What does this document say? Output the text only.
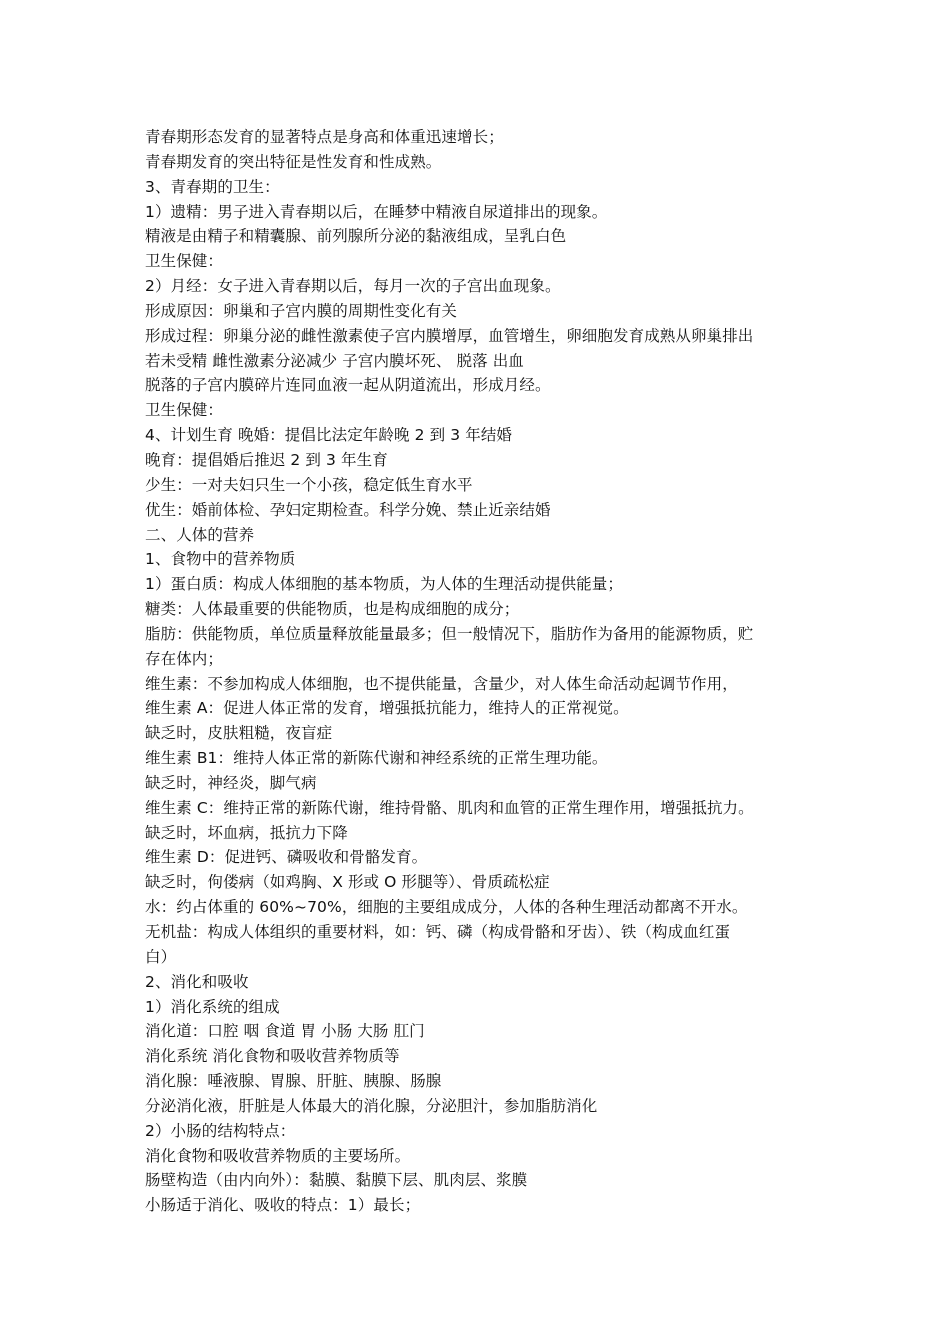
青春期形态发育的显著特点是身高和体重迅速增长；
青春期发育的突出特征是性发育和性成熟。
3、青春期的卫生：
1）遗精：男子进入青春期以后，在睡梦中精液自尿道排出的现象。
精液是由精子和精囊腺、前列腺所分泌的黏液组成，呈乳白色
卫生保健：
2）月经：女子进入青春期以后，每月一次的子宫出血现象。
形成原因：卵巢和子宫内膜的周期性变化有关
形成过程：卵巢分泌的雌性激素使子宫内膜增厚，血管增生，卵细胞发育成熟从卵巢排出
若未受精 雌性激素分泌减少 子宫内膜坏死、 脱落 出血
脱落的子宫内膜碎片连同血液一起从阴道流出，形成月经。
卫生保健：
4、计划生育 晚婚：提倡比法定年龄晚 2 到 3 年结婚
晚育：提倡婚后推迟 2 到 3 年生育
少生：一对夫妇只生一个小孩，稳定低生育水平
优生：婚前体检、孕妇定期检查。科学分娩、禁止近亲结婚
二、人体的营养
1、食物中的营养物质
1）蛋白质：构成人体细胞的基本物质，为人体的生理活动提供能量；
糖类：人体最重要的供能物质，也是构成细胞的成分；
脂肪：供能物质，单位质量释放能量最多；但一般情况下，脂肪作为备用的能源物质，贮
存在体内；
维生素：不参加构成人体细胞，也不提供能量，含量少，对人体生命活动起调节作用，
维生素 A：促进人体正常的发育，增强抵抗能力，维持人的正常视觉。
缺乏时，皮肤粗糙，夜盲症
维生素 B1：维持人体正常的新陈代谢和神经系统的正常生理功能。
缺乏时，神经炎，脚气病
维生素 C：维持正常的新陈代谢，维持骨骼、肌肉和血管的正常生理作用，增强抵抗力。
缺乏时，坏血病，抵抗力下降
维生素 D：促进钙、磷吸收和骨骼发育。
缺乏时，佝偻病（如鸡胸、X 形或 O 形腿等）、骨质疏松症
水：约占体重的 60%~70%，细胞的主要组成成分，人体的各种生理活动都离不开水。
无机盐：构成人体组织的重要材料，如：钙、磷（构成骨骼和牙齿）、铁（构成血红蛋
白）
2、消化和吸收
1）消化系统的组成
消化道：口腔 咽 食道 胃 小肠 大肠 肛门
消化系统 消化食物和吸收营养物质等
消化腺：唾液腺、胃腺、肝脏、胰腺、肠腺
分泌消化液，肝脏是人体最大的消化腺，分泌胆汁，参加脂肪消化
2）小肠的结构特点：
消化食物和吸收营养物质的主要场所。
肠壁构造（由内向外）：黏膜、黏膜下层、肌肉层、浆膜
小肠适于消化、吸收的特点：1）最长；
